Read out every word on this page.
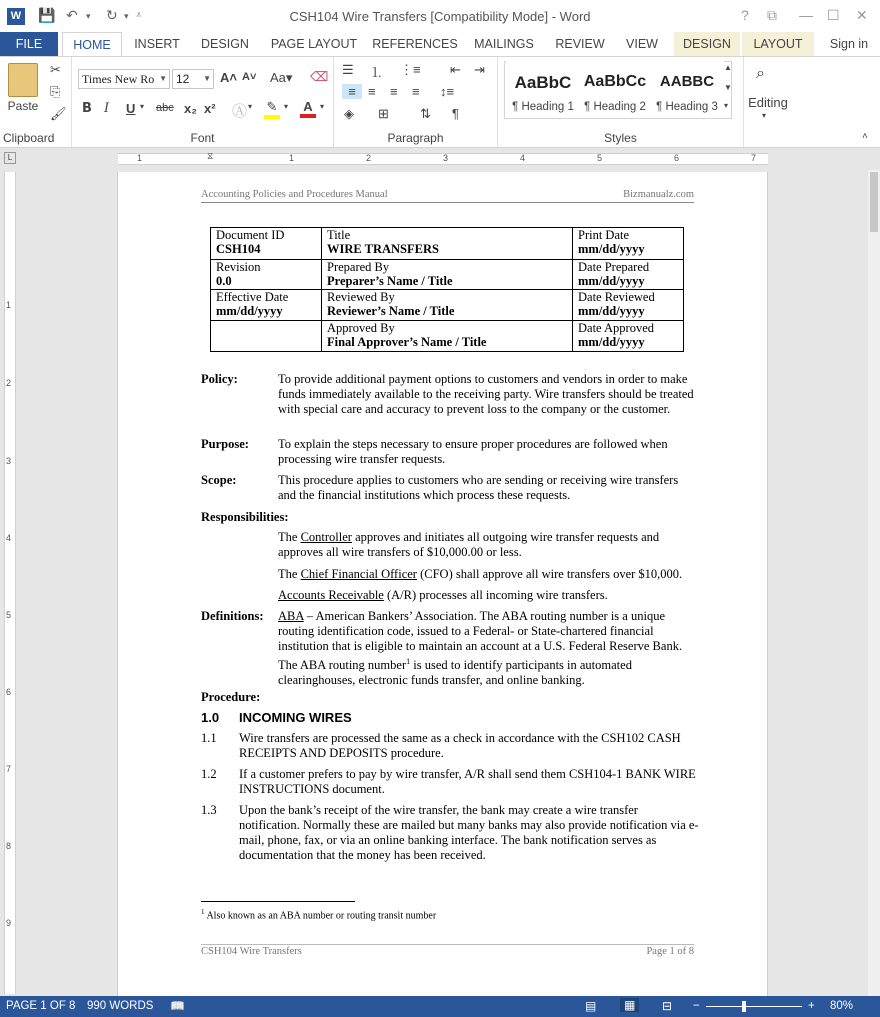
W 💾 ↶ ▾ ↻ ▾ ⩡	CSH104 Wire Transfers [Compatibility Mode] - Word	? ⧉ — ☐ ✕
FILE	HOME	INSERT	DESIGN	PAGE LAYOUT	REFERENCES	MAILINGS	REVIEW	VIEW	DESIGN	LAYOUT	Sign in
Paste
✂
⎘
🖌
Clipboard
Times New Ro ▼ 12 ▼ A˄ A˅ Aa▾ ⌫
B I U ▾ abc x₂ x² Ⓐ ▾ ✎ ▾ A ▾
Font
☰ ⒈ ⋮≡ ⇤ ⇥
≡ ≡ ≡ ≡ ↕≡
◈ ⊞ ⇅ ¶
Paragraph
AaBbC
¶ Heading 1
AaBbCc
¶ Heading 2
AABBC
¶ Heading 3
▲
▼
▾
Styles
⌕
Editing
▾
˄
L	1	1	2	3	4	5	6	7
⧖
1
2
3
4
5
6
7
8
9
Accounting Policies and Procedures Manual	Bizmanualz.com
Document ID
CSH104	Title
WIRE TRANSFERS	Print Date
mm/dd/yyyy
Revision
0.0	Prepared By
Preparer’s Name / Title	Date Prepared
mm/dd/yyyy
Effective Date
mm/dd/yyyy	Reviewed By
Reviewer’s Name / Title	Date Reviewed
mm/dd/yyyy
	Approved By
Final Approver’s Name / Title	Date Approved
mm/dd/yyyy
Policy:	To provide additional payment options to customers and vendors in order to make funds immediately available to the receiving party. Wire transfers should be treated with special care and accuracy to prevent loss to the company or the customer.
Purpose: To explain the steps necessary to ensure proper procedures are followed when processing wire transfer requests.
Scope:	This procedure applies to customers who are sending or receiving wire transfers and the financial institutions which process these requests.
Responsibilities:
The Controller approves and initiates all outgoing wire transfer requests and approves all wire transfers of $10,000.00 or less.
The Chief Financial Officer (CFO) shall approve all wire transfers over $10,000.
Accounts Receivable (A/R) processes all incoming wire transfers.
Definitions: ABA – American Bankers’ Association. The ABA routing number is a unique routing identification code, issued to a Federal- or State-chartered financial institution that is eligible to maintain an account at a U.S. Federal Reserve Bank. The ABA routing number$^1$ is used to identify participants in automated clearinghouses, electronic funds transfer, and online banking.
Procedure:
1.0 INCOMING WIRES
1.1 Wire transfers are processed the same as a check in accordance with the CSH102 CASH RECEIPTS AND DEPOSITS procedure.
1.2 If a customer prefers to pay by wire transfer, A/R shall send them CSH104-1 BANK WIRE INSTRUCTIONS document.
1.3 Upon the bank’s receipt of the wire transfer, the bank may create a wire transfer notification. Normally these are mailed but many banks may also provide notification via e-mail, phone, fax, or via an online banking interface. The bank notification serves as documentation that the money has been received.
$^1$ Also known as an ABA number or routing transit number
CSH104 Wire Transfers	Page 1 of 8
PAGE 1 OF 8 990 WORDS 📖	▤	▦	⊟ −	+ 80%
